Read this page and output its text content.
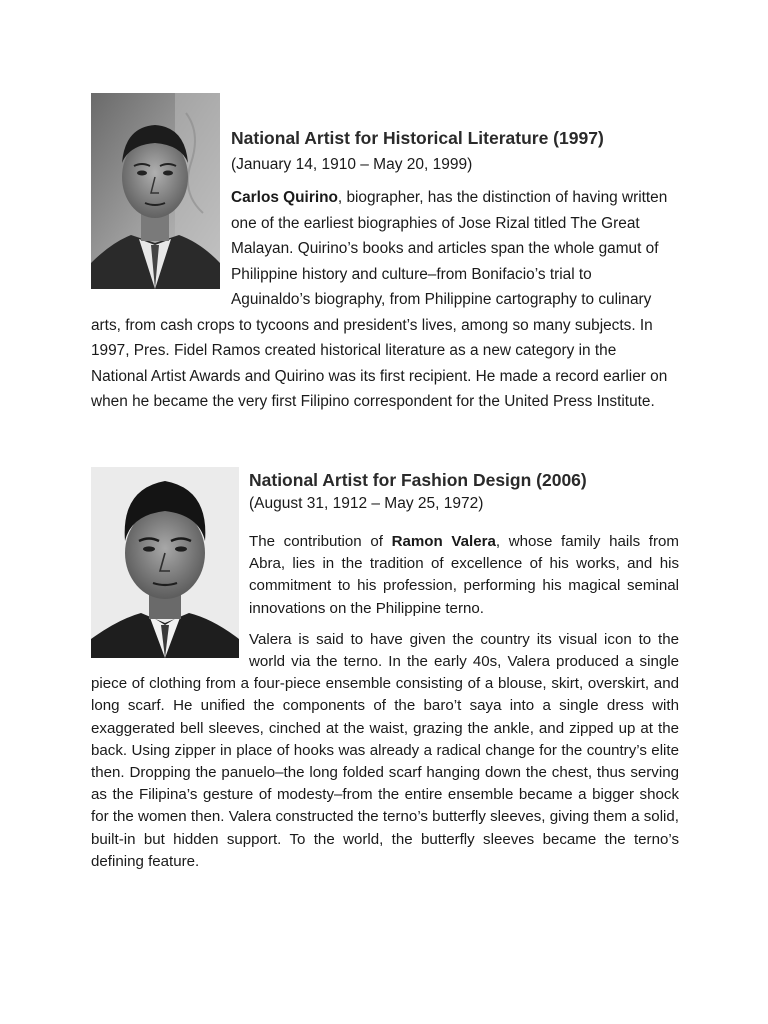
National Artist for Historical Literature (1997)
(January 14, 1910 – May 20, 1999)
Carlos Quirino, biographer, has the distinction of having written one of the earliest biographies of Jose Rizal titled The Great Malayan. Quirino’s books and articles span the whole gamut of Philippine history and culture–from Bonifacio’s trial to Aguinaldo’s biography, from Philippine cartography to culinary arts, from cash crops to tycoons and president’s lives, among so many subjects. In 1997, Pres. Fidel Ramos created historical literature as a new category in the National Artist Awards and Quirino was its first recipient. He made a record earlier on when he became the very first Filipino correspondent for the United Press Institute.
National Artist for Fashion Design (2006)
(August 31, 1912 – May 25, 1972)
The contribution of Ramon Valera, whose family hails from Abra, lies in the tradition of excellence of his works, and his commitment to his profession, performing his magical seminal innovations on the Philippine terno.
Valera is said to have given the country its visual icon to the world via the terno. In the early 40s, Valera produced a single piece of clothing from a four-piece ensemble consisting of a blouse, skirt, overskirt, and long scarf. He unified the components of the baro’t saya into a single dress with exaggerated bell sleeves, cinched at the waist, grazing the ankle, and zipped up at the back. Using zipper in place of hooks was already a radical change for the country’s elite then. Dropping the panuelo–the long folded scarf hanging down the chest, thus serving as the Filipina’s gesture of modesty–from the entire ensemble became a bigger shock for the women then. Valera constructed the terno’s butterfly sleeves, giving them a solid, built-in but hidden support. To the world, the butterfly sleeves became the terno’s defining feature.
